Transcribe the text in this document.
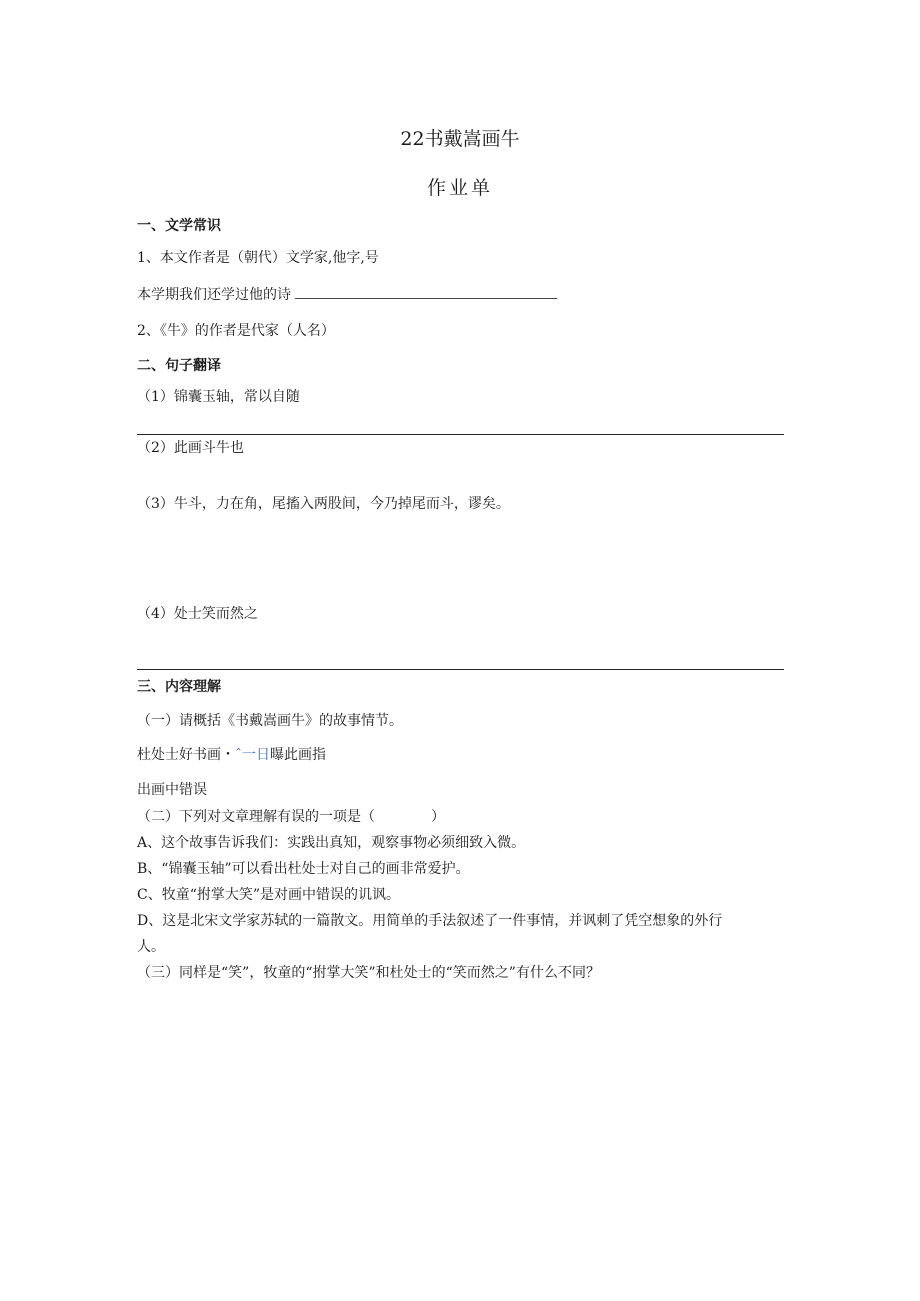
22书戴嵩画牛
作业单
一、文学常识
1、本文作者是（朝代）文学家,他字,号
本学期我们还学过他的诗
2、《牛》的作者是代家（人名）
二、句子翻译
（1）锦囊玉轴，常以自随
（2）此画斗牛也
（3）牛斗，力在角，尾搐入两股间，今乃掉尾而斗，谬矣。
（4）处士笑而然之
三、内容理解
（一）请概括《书戴嵩画牛》的故事情节。
杜处士好书画・ˆ一日曝此画指
出画中错误
（二）下列对文章理解有误的一项是（　　　　）
A、这个故事告诉我们：实践出真知，观察事物必须细致入微。
B、“锦囊玉轴”可以看出杜处士对自己的画非常爱护。
C、牧童“拊掌大笑”是对画中错误的讥讽。
D、这是北宋文学家苏轼的一篇散文。用简单的手法叙述了一件事情，并讽刺了凭空想象的外行
人。
（三）同样是“笑”，牧童的“拊掌大笑”和杜处士的“笑而然之”有什么不同？
